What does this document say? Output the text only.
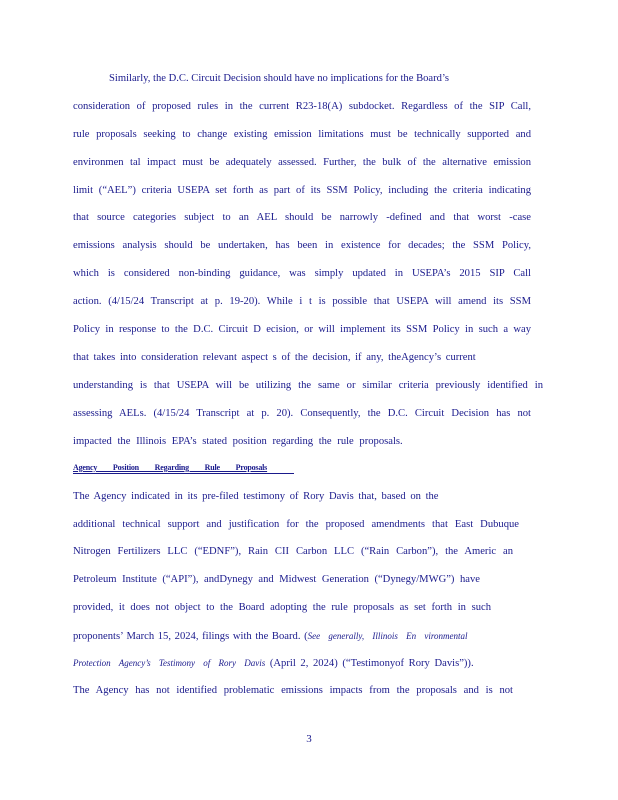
Similarly, the D.C. Circuit Decision should have no implications for the Board’s
consideration of proposed rules in the current R23-18(A) subdocket. Regardless of the SIP Call,
rule proposals seeking to change existing emission limitations must be technically supported and
environmen tal impact must be adequately assessed. Further, the bulk of the alternative emission
limit (“AEL”) criteria USEPA set forth as part of its SSM Policy, including the criteria indicating
that source categories subject to an AEL should be narrowly -defined and that worst -case
emissions analysis should be undertaken, has been in existence for decades; the SSM Policy,
which is considered non-binding guidance, was simply updated in USEPA’s 2015 SIP Call
action. (4/15/24 Transcript at p. 19-20). While i t is possible that USEPA will amend its SSM
Policy in response to the D.C. Circuit D ecision, or will implement its SSM Policy in such a way
that takes into consideration relevant aspect s of the decision, if any, theAgency’s current
understanding is that USEPA will be utilizing the same or similar criteria previously identified in
assessing AELs. (4/15/24 Transcript at p. 20). Consequently, the D.C. Circuit Decision has not
impacted the Illinois EPA’s stated position regarding the rule proposals.
Agency Position Regarding Rule Proposals
The Agency indicated in its pre-filed testimony of Rory Davis that, based on the
additional technical support and justification for the proposed amendments that East Dubuque
Nitrogen Fertilizers LLC (“EDNF”), Rain CII Carbon LLC (“Rain Carbon”), the Americ an
Petroleum Institute (“API”), andDynegy and Midwest Generation (“Dynegy/MWG”) have
provided, it does not object to the Board adopting the rule proposals as set forth in such
proponents’ March 15, 2024, filings with the Board. (See generally, Illinois En vironmental
Protection Agency’s Testimony of Rory Davis (April 2, 2024) (“Testimonyof Rory Davis”)).
The Agency has not identified problematic emissions impacts from the proposals and is not
3
